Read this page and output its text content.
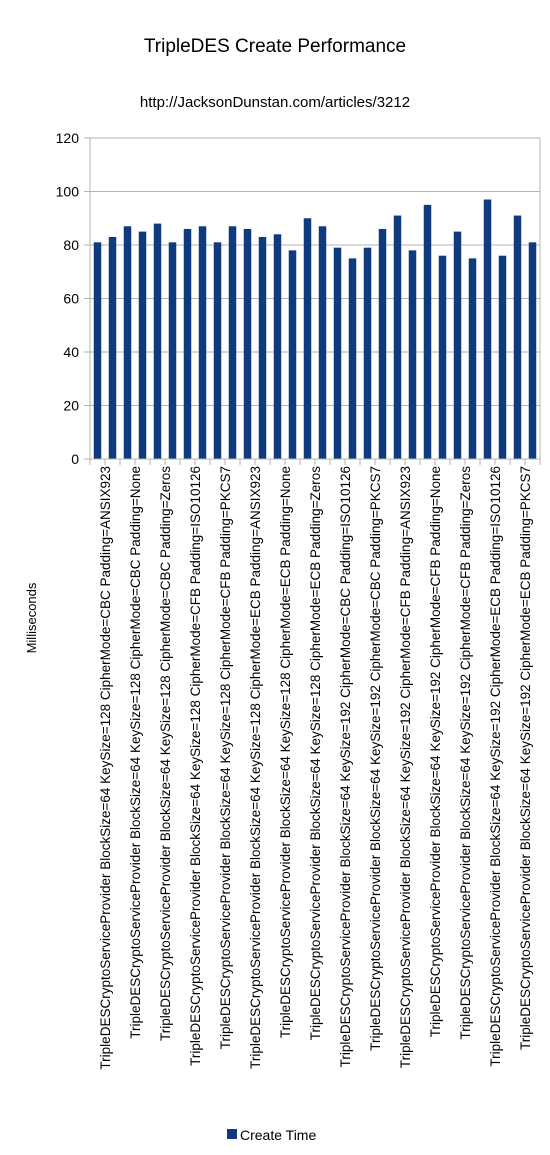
TripleDES Create Performance
http://JacksonDunstan.com/articles/3212
0
20
40
60
80
100
120
TripleDESCryptoServiceProvider BlockSize=64 KeySize=128 CipherMode=CBC Padding=ANSIX923 TripleDESCryptoServiceProvider BlockSize=64 KeySize=128 CipherMode=CBC Padding=None TripleDESCryptoServiceProvider BlockSize=64 KeySize=128 CipherMode=CBC Padding=Zeros TripleDESCryptoServiceProvider BlockSize=64 KeySize=128 CipherMode=CFB Padding=ISO10126 TripleDESCryptoServiceProvider BlockSize=64 KeySize=128 CipherMode=CFB Padding=PKCS7 TripleDESCryptoServiceProvider BlockSize=64 KeySize=128 CipherMode=ECB Padding=ANSIX923 TripleDESCryptoServiceProvider BlockSize=64 KeySize=128 CipherMode=ECB Padding=None TripleDESCryptoServiceProvider BlockSize=64 KeySize=128 CipherMode=ECB Padding=Zeros TripleDESCryptoServiceProvider BlockSize=64 KeySize=192 CipherMode=CBC Padding=ISO10126 TripleDESCryptoServiceProvider BlockSize=64 KeySize=192 CipherMode=CBC Padding=PKCS7 TripleDESCryptoServiceProvider BlockSize=64 KeySize=192 CipherMode=CFB Padding=ANSIX923 TripleDESCryptoServiceProvider BlockSize=64 KeySize=192 CipherMode=CFB Padding=None TripleDESCryptoServiceProvider BlockSize=64 KeySize=192 CipherMode=CFB Padding=Zeros TripleDESCryptoServiceProvider BlockSize=64 KeySize=192 CipherMode=ECB Padding=ISO10126 TripleDESCryptoServiceProvider BlockSize=64 KeySize=192 CipherMode=ECB Padding=PKCS7
Milliseconds
Create Time
